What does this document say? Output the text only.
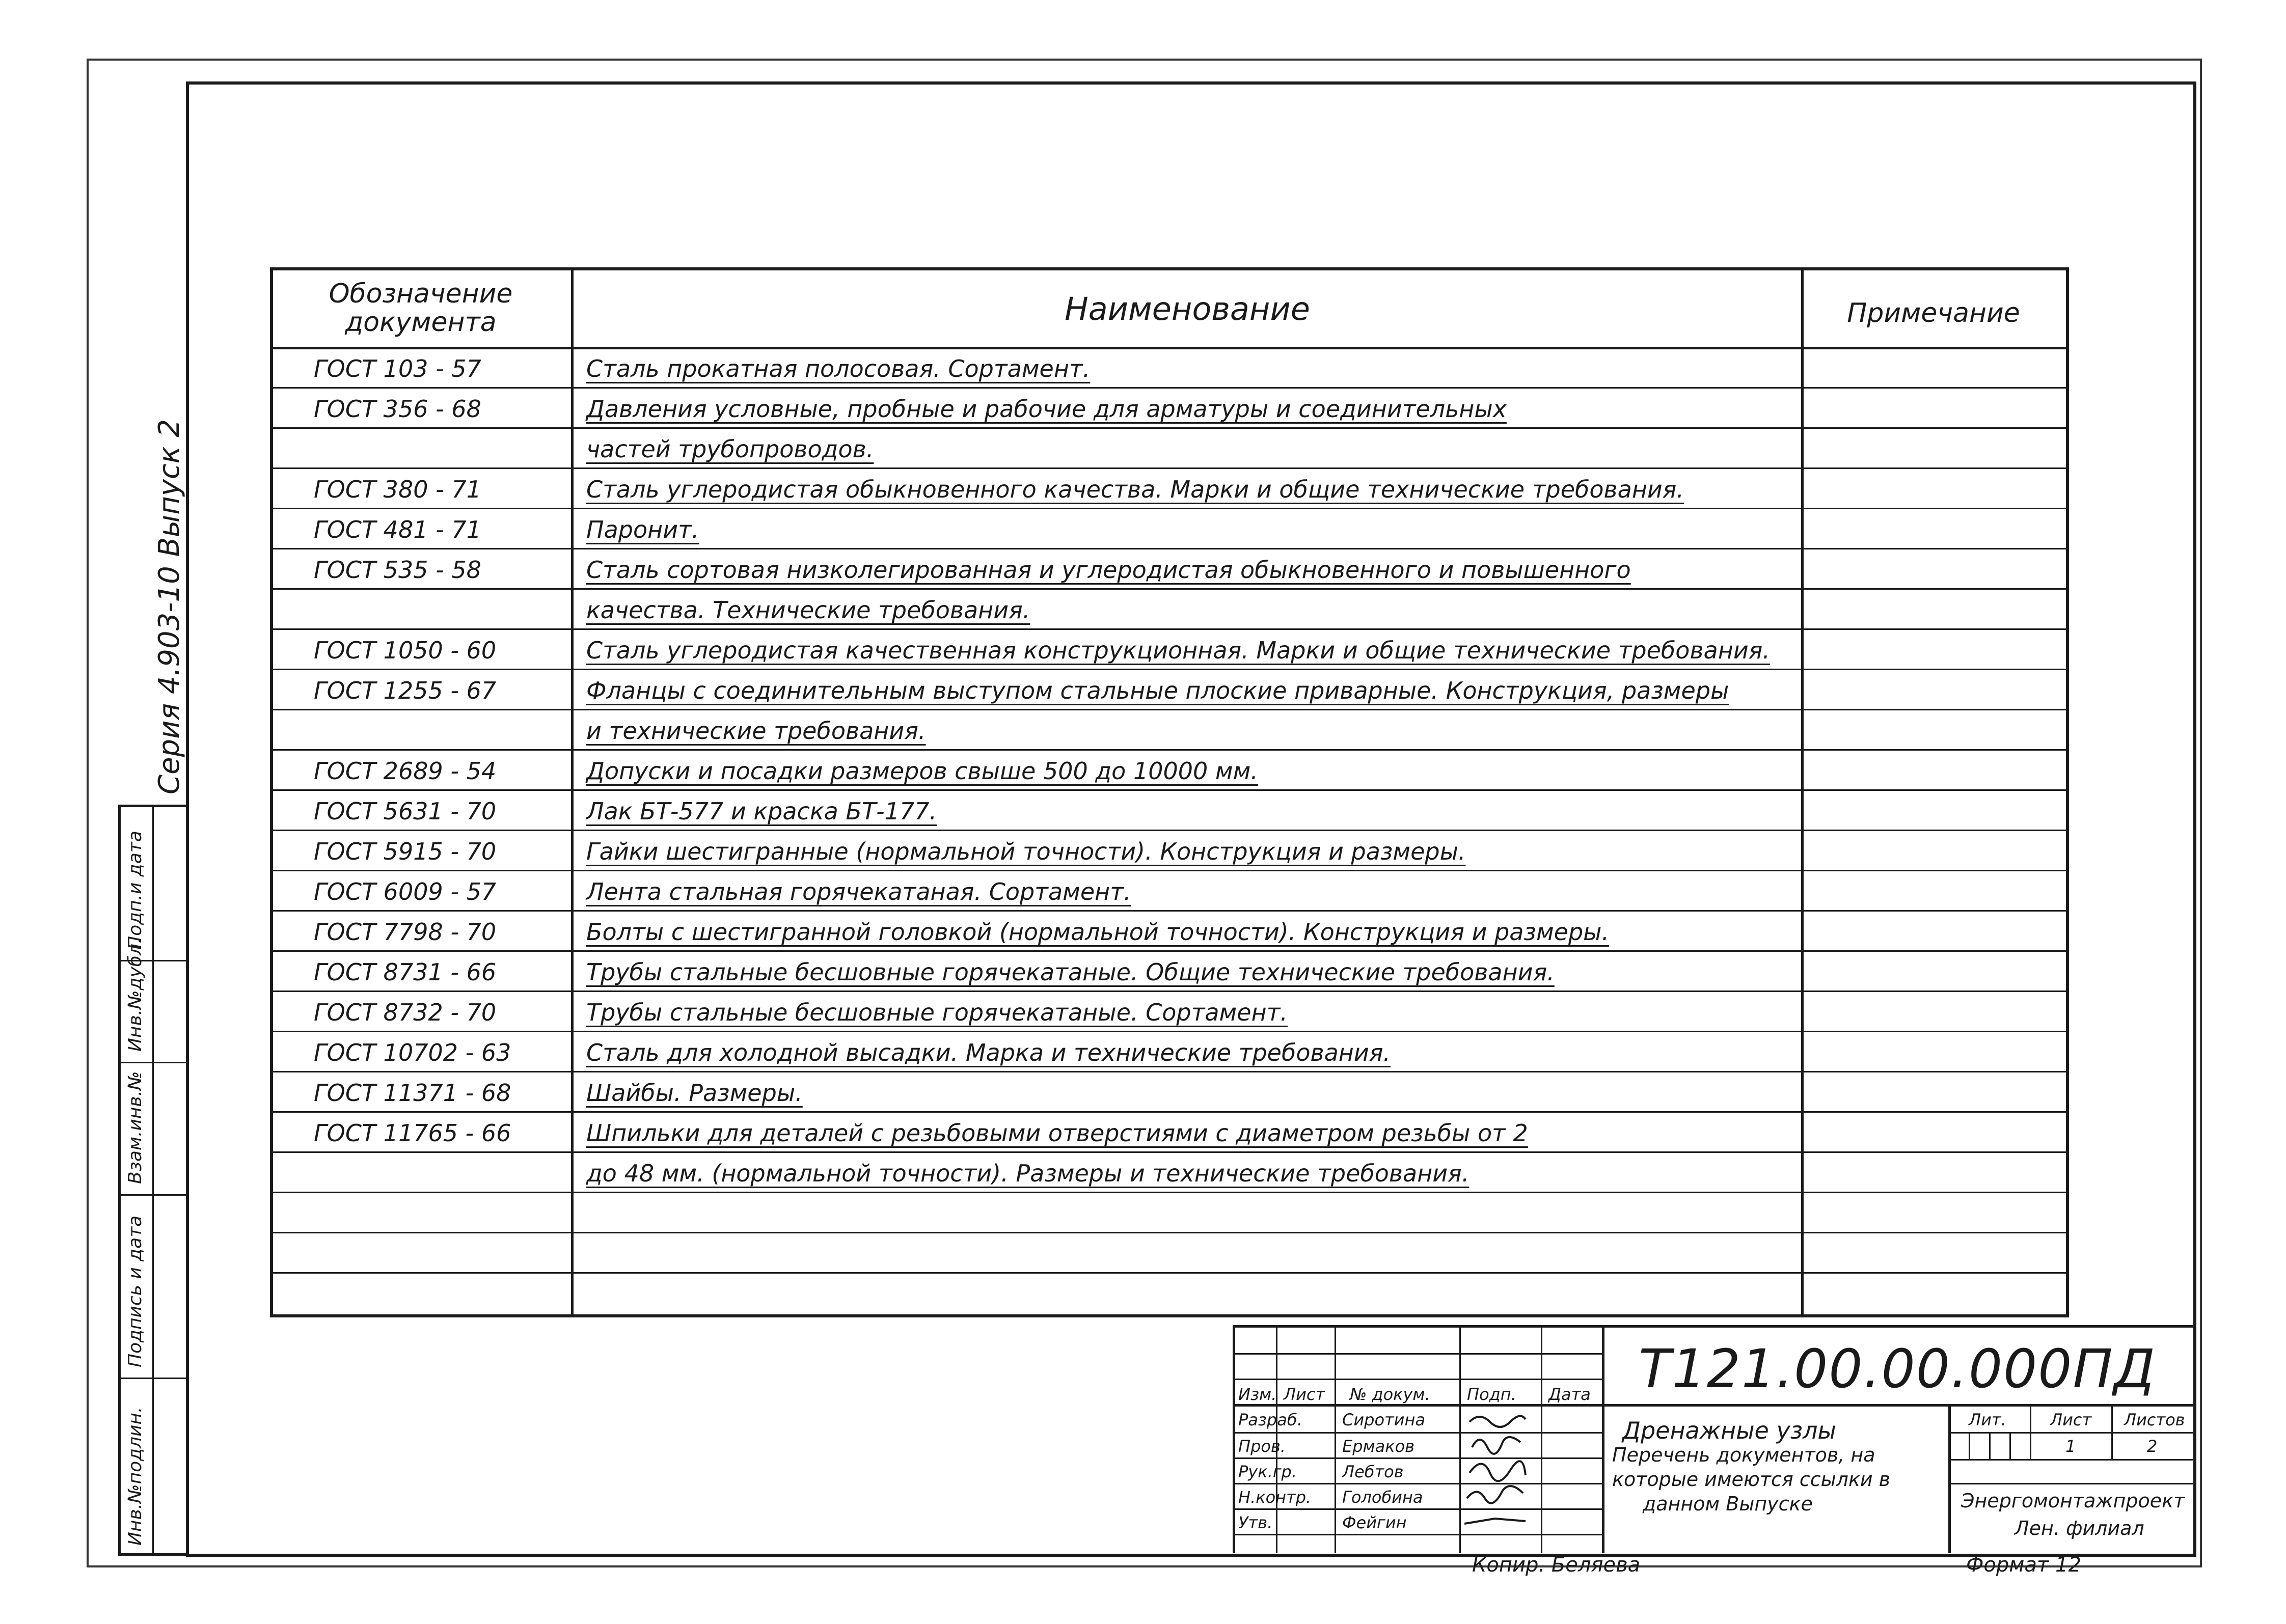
Серия 4.903-10 Выпуск 2
Подп.и дата
Инв.№дубл.
Взам.инв.№
Подпись и дата
Инв.№подлин.
Обозначение документа	Наименование	Примечание
ГОСТ 103 - 57	Сталь прокатная полосовая. Сортамент.
ГОСТ 356 - 68	Давления условные, пробные и рабочие для арматуры и соединительных
частей трубопроводов.
ГОСТ 380 - 71	Сталь углеродистая обыкновенного качества. Марки и общие технические требования.
ГОСТ 481 - 71	Паронит.
ГОСТ 535 - 58	Сталь сортовая низколегированная и углеродистая обыкновенного и повышенного
качества. Технические требования.
ГОСТ 1050 - 60	Сталь углеродистая качественная конструкционная. Марки и общие технические требования.
ГОСТ 1255 - 67	Фланцы с соединительным выступом стальные плоские приварные. Конструкция, размеры
и технические требования.
ГОСТ 2689 - 54	Допуски и посадки размеров свыше 500 до 10000 мм.
ГОСТ 5631 - 70	Лак БТ-577 и краска БТ-177.
ГОСТ 5915 - 70	Гайки шестигранные (нормальной точности). Конструкция и размеры.
ГОСТ 6009 - 57	Лента стальная горячекатаная. Сортамент.
ГОСТ 7798 - 70	Болты с шестигранной головкой (нормальной точности). Конструкция и размеры.
ГОСТ 8731 - 66	Трубы стальные бесшовные горячекатаные. Общие технические требования.
ГОСТ 8732 - 70	Трубы стальные бесшовные горячекатаные. Сортамент.
ГОСТ 10702 - 63	Сталь для холодной высадки. Марка и технические требования.
ГОСТ 11371 - 68	Шайбы. Размеры.
ГОСТ 11765 - 66	Шпильки для деталей с резьбовыми отверстиями с диаметром резьбы от 2
до 48 мм. (нормальной точности). Размеры и технические требования.
Изм. Лист № докум. Подп. Дата
Разраб. Сиротина
Пров.	Ермаков
Рук.гр.	Лебтов
Н.контр. Голобина
Утв.	Фейгин
Т121.00.00.000ПД
Дренажные узлы
Перечень документов, на
которые имеются ссылки в
данном Выпуске
Лит.	Лист Листов
1	2
Энергомонтажпроект
Лен. филиал
Копир. Беляева	Формат 12
